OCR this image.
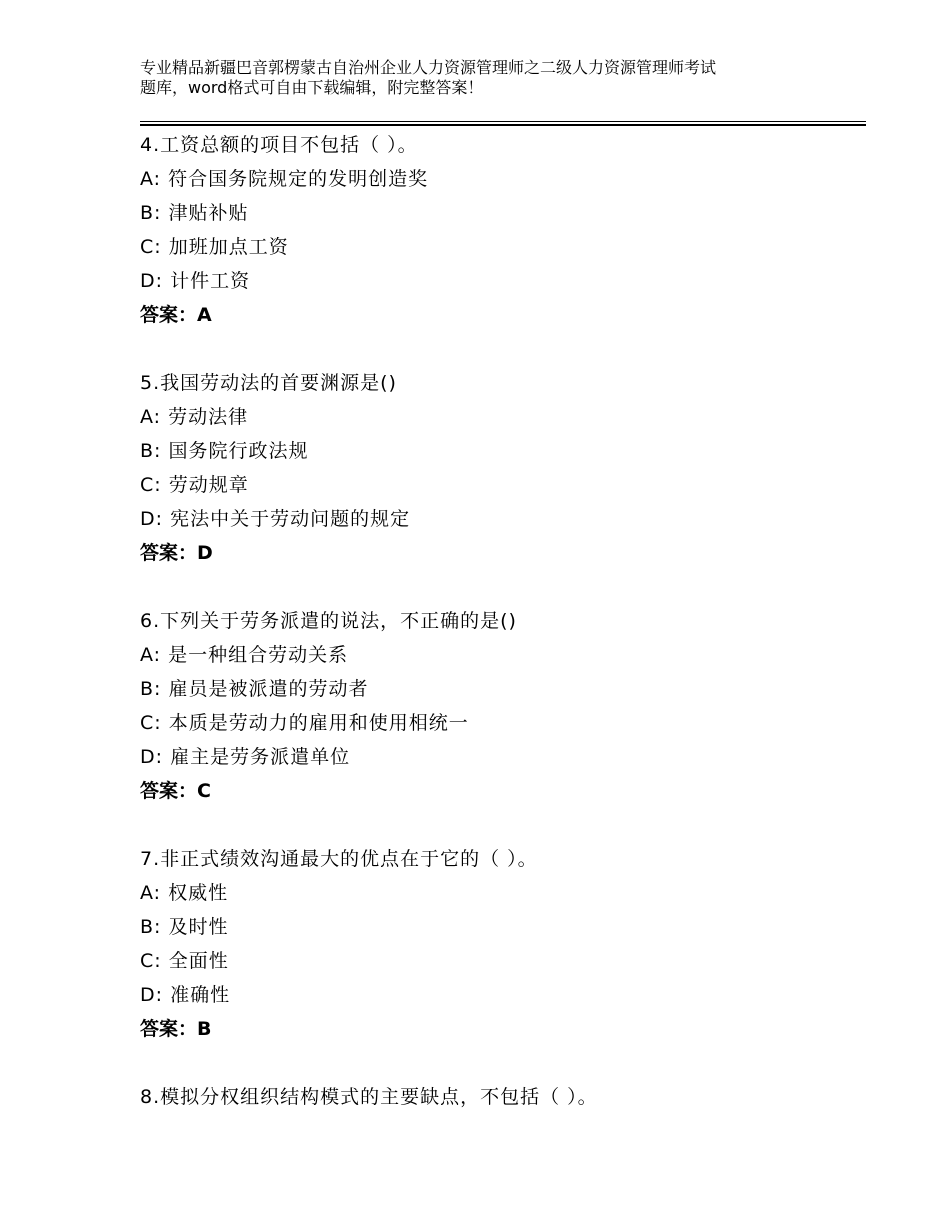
专业精品新疆巴音郭楞蒙古自治州企业人力资源管理师之二级人力资源管理师考试
题库，word格式可自由下载编辑，附完整答案！
4.工资总额的项目不包括（ ）。
A: 符合国务院规定的发明创造奖
B: 津贴补贴
C: 加班加点工资
D: 计件工资
答案：A
5.我国劳动法的首要渊源是()
A: 劳动法律
B: 国务院行政法规
C: 劳动规章
D: 宪法中关于劳动问题的规定
答案：D
6.下列关于劳务派遣的说法，不正确的是()
A: 是一种组合劳动关系
B: 雇员是被派遣的劳动者
C: 本质是劳动力的雇用和使用相统一
D: 雇主是劳务派遣单位
答案：C
7.非正式绩效沟通最大的优点在于它的（ ）。
A: 权威性
B: 及时性
C: 全面性
D: 准确性
答案：B
8.模拟分权组织结构模式的主要缺点，不包括（ ）。
